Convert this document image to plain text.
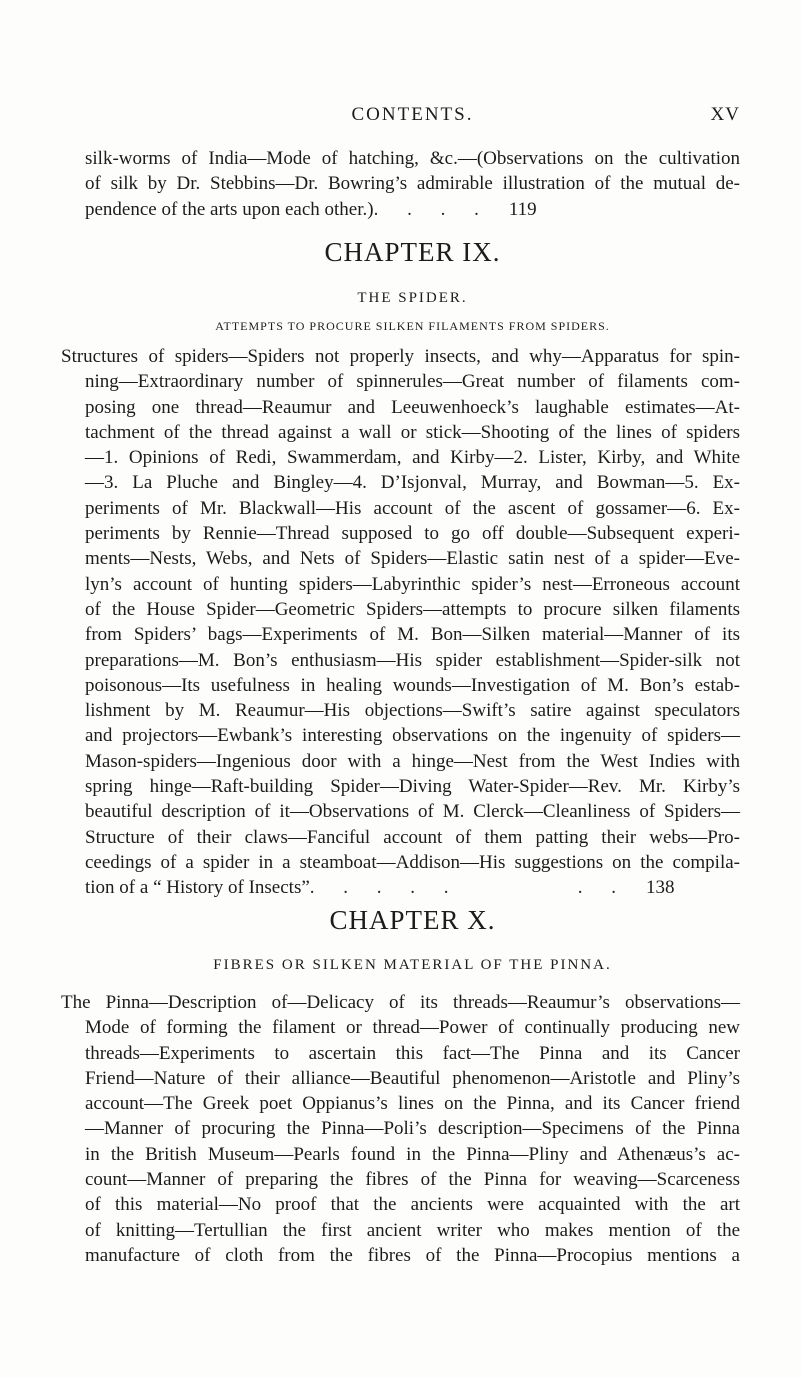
CONTENTS.	XV
silk-worms of India—Mode of hatching, &c.—(Observations on the cultivation
of silk by Dr. Stebbins—Dr. Bowring’s admirable illustration of the mutual de-
pendence of the arts upon each other.). . . . 119
CHAPTER IX.
THE SPIDER.
ATTEMPTS TO PROCURE SILKEN FILAMENTS FROM SPIDERS.
Structures of spiders—Spiders not properly insects, and why—Apparatus for spin-
ning—Extraordinary number of spinnerules—Great number of filaments com-
posing one thread—Reaumur and Leeuwenhoeck’s laughable estimates—At-
tachment of the thread against a wall or stick—Shooting of the lines of spiders
—1. Opinions of Redi, Swammerdam, and Kirby—2. Lister, Kirby, and White
—3. La Pluche and Bingley—4. D’Isjonval, Murray, and Bowman—5. Ex-
periments of Mr. Blackwall—His account of the ascent of gossamer—6. Ex-
periments by Rennie—Thread supposed to go off double—Subsequent experi-
ments—Nests, Webs, and Nets of Spiders—Elastic satin nest of a spider—Eve-
lyn’s account of hunting spiders—Labyrinthic spider’s nest—Erroneous account
of the House Spider—Geometric Spiders—attempts to procure silken filaments
from Spiders’ bags—Experiments of M. Bon—Silken material—Manner of its
preparations—M. Bon’s enthusiasm—His spider establishment—Spider-silk not
poisonous—Its usefulness in healing wounds—Investigation of M. Bon’s estab-
lishment by M. Reaumur—His objections—Swift’s satire against speculators
and projectors—Ewbank’s interesting observations on the ingenuity of spiders—
Mason-spiders—Ingenious door with a hinge—Nest from the West Indies with
spring hinge—Raft-building Spider—Diving Water-Spider—Rev. Mr. Kirby’s
beautiful description of it—Observations of M. Clerck—Cleanliness of Spiders—
Structure of their claws—Fanciful account of them patting their webs—Pro-
ceedings of a spider in a steamboat—Addison—His suggestions on the compila-
tion of a “ History of Insects”. . . . .       . . 138
CHAPTER X.
FIBRES OR SILKEN MATERIAL OF THE PINNA.
The Pinna—Description of—Delicacy of its threads—Reaumur’s observations—
Mode of forming the filament or thread—Power of continually producing new
threads—Experiments to ascertain this fact—The Pinna and its Cancer
Friend—Nature of their alliance—Beautiful phenomenon—Aristotle and Pliny’s
account—The Greek poet Oppianus’s lines on the Pinna, and its Cancer friend
—Manner of procuring the Pinna—Poli’s description—Specimens of the Pinna
in the British Museum—Pearls found in the Pinna—Pliny and Athenæus’s ac-
count—Manner of preparing the fibres of the Pinna for weaving—Scarceness
of this material—No proof that the ancients were acquainted with the art
of knitting—Tertullian the first ancient writer who makes mention of the
manufacture of cloth from the fibres of the Pinna—Procopius mentions a
